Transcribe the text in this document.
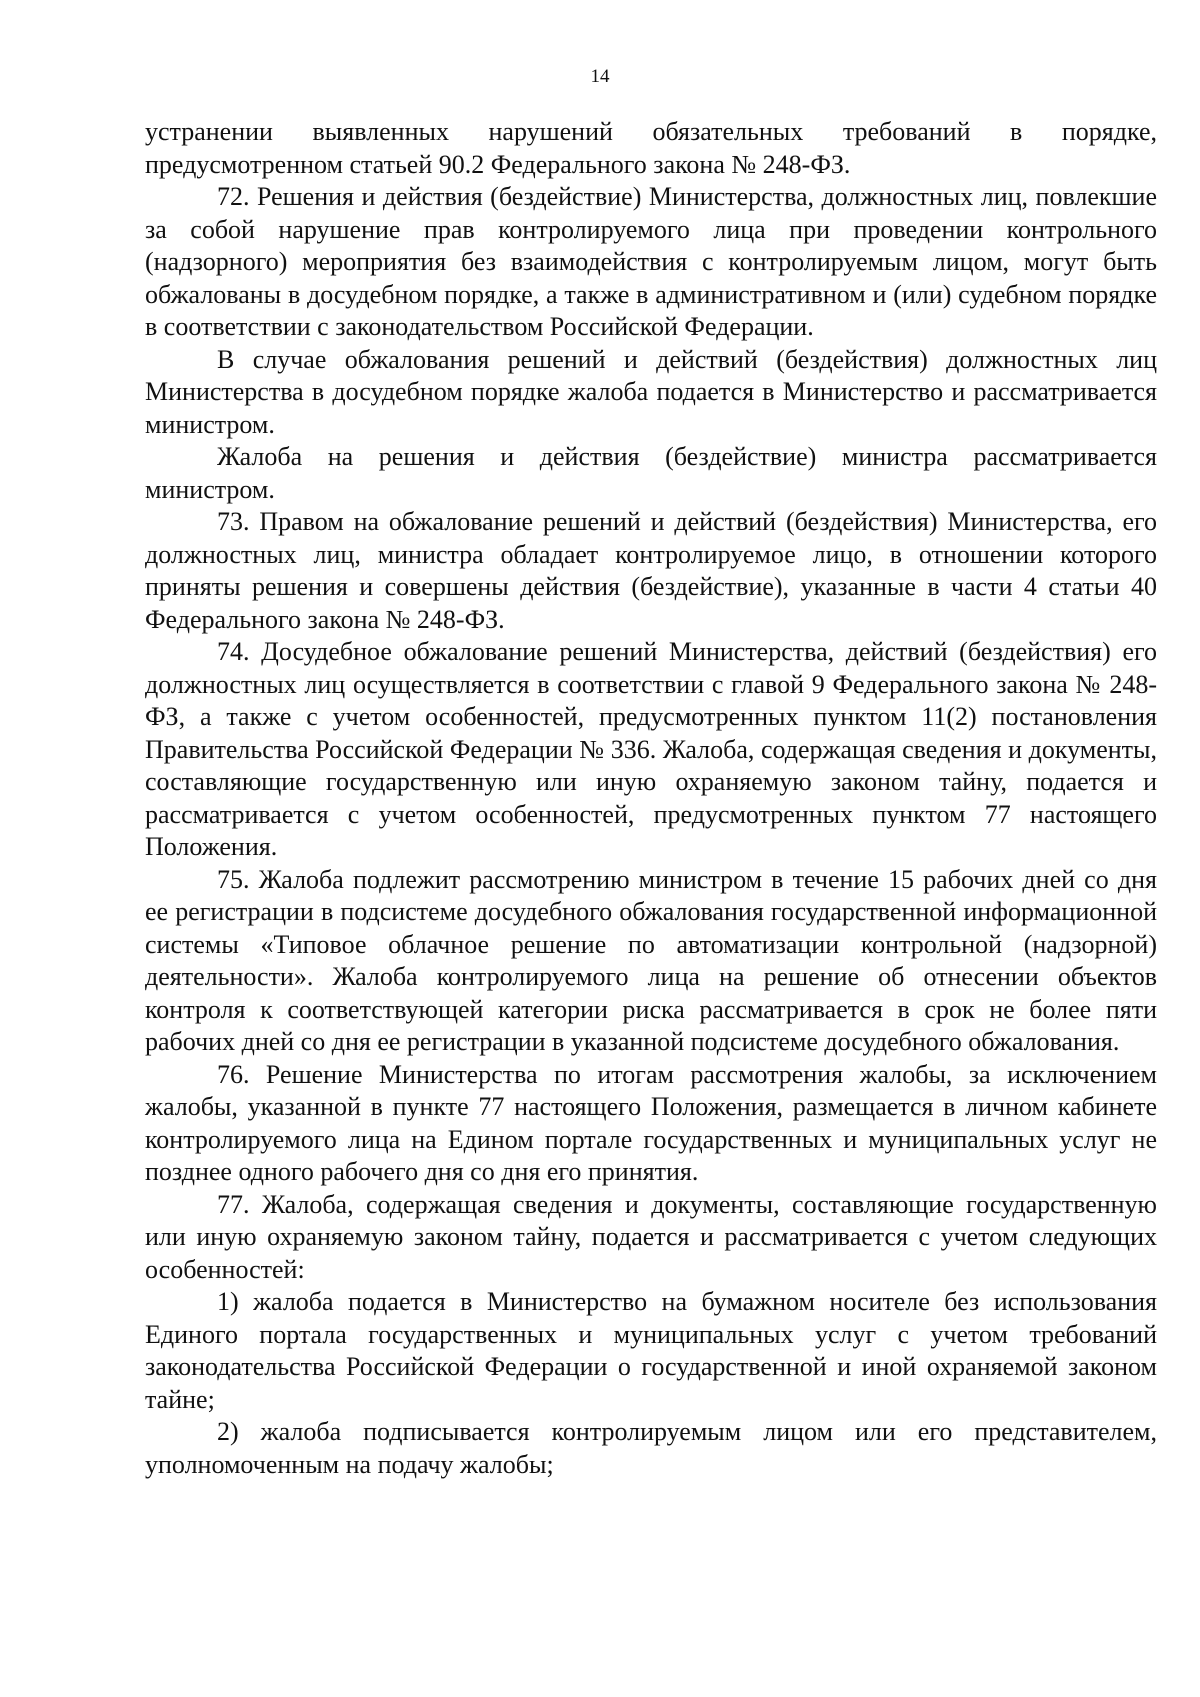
14

устранении выявленных нарушений обязательных требований в порядке, предусмотренном статьей 90.2 Федерального закона № 248-ФЗ.

72. Решения и действия (бездействие) Министерства, должностных лиц, повлекшие за собой нарушение прав контролируемого лица при проведении контрольного (надзорного) мероприятия без взаимодействия с контролируемым лицом, могут быть обжалованы в досудебном порядке, а также в административном и (или) судебном порядке в соответствии с законодательством Российской Федерации.

В случае обжалования решений и действий (бездействия) должностных лиц Министерства в досудебном порядке жалоба подается в Министерство и рассматривается министром.

Жалоба на решения и действия (бездействие) министра рассматривается министром.

73. Правом на обжалование решений и действий (бездействия) Министерства, его должностных лиц, министра обладает контролируемое лицо, в отношении которого приняты решения и совершены действия (бездействие), указанные в части 4 статьи 40 Федерального закона № 248-ФЗ.

74. Досудебное обжалование решений Министерства, действий (бездействия) его должностных лиц осуществляется в соответствии с главой 9 Федерального закона № 248-ФЗ, а также с учетом особенностей, предусмотренных пунктом 11(2) постановления Правительства Российской Федерации № 336. Жалоба, содержащая сведения и документы, составляющие государственную или иную охраняемую законом тайну, подается и рассматривается с учетом особенностей, предусмотренных пунктом 77 настоящего Положения.

75. Жалоба подлежит рассмотрению министром в течение 15 рабочих дней со дня ее регистрации в подсистеме досудебного обжалования государственной информационной системы «Типовое облачное решение по автоматизации контрольной (надзорной) деятельности». Жалоба контролируемого лица на решение об отнесении объектов контроля к соответствующей категории риска рассматривается в срок не более пяти рабочих дней со дня ее регистрации в указанной подсистеме досудебного обжалования.

76. Решение Министерства по итогам рассмотрения жалобы, за исключением жалобы, указанной в пункте 77 настоящего Положения, размещается в личном кабинете контролируемого лица на Едином портале государственных и муниципальных услуг не позднее одного рабочего дня со дня его принятия.

77. Жалоба, содержащая сведения и документы, составляющие государственную или иную охраняемую законом тайну, подается и рассматривается с учетом следующих особенностей:

1) жалоба подается в Министерство на бумажном носителе без использования Единого портала государственных и муниципальных услуг с учетом требований законодательства Российской Федерации о государственной и иной охраняемой законом тайне;

2) жалоба подписывается контролируемым лицом или его представителем, уполномоченным на подачу жалобы;
